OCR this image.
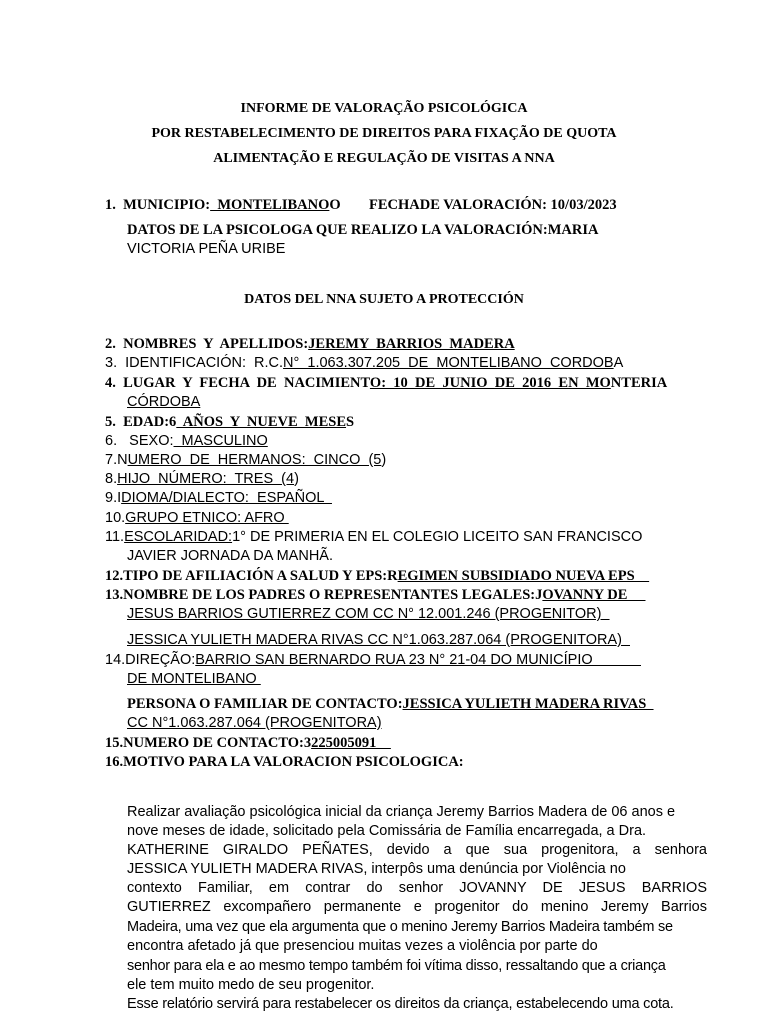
INFORME DE VALORAÇÃO PSICOLÓGICA
POR RESTABELECIMENTO DE DIREITOS PARA FIXAÇÃO DE QUOTA
ALIMENTAÇÃO E REGULAÇÃO DE VISITAS A NNA
1. MUNICIPIO:  MONTELIBANOO FECHADE VALORACIÓN: 10/03/2023
DATOS DE LA PSICOLOGA QUE REALIZO LA VALORACIÓN:MARIA
VICTORIA PEÑA URIBE
DATOS DEL NNA SUJETO A PROTECCIÓN
2.  NOMBRES  Y  APELLIDOS:JEREMY  BARRIOS  MADERA
3.  IDENTIFICACIÓN:  R.C.N°  1.063.307.205  DE  MONTELIBANO  CORDOBA
4.  LUGAR  Y  FECHA  DE  NACIMIENTO:  10  DE  JUNIO  DE  2016  EN  MONTERIA
CÓRDOBA
5.  EDAD:6  AÑOS  Y  NUEVE  MESES
6.   SEXO:  MASCULINO
7.NUMERO  DE  HERMANOS:  CINCO  (5)
8.HIJO  NÚMERO:  TRES  (4)
9.IDIOMA/DIALECTO:  ESPAÑOL
10.GRUPO ETNICO: AFRO
11.ESCOLARIDAD:1° DE PRIMERIA EN EL COLEGIO LICEITO SAN FRANCISCO
JAVIER JORNADA DA MANHÃ.
12.TIPO DE AFILIACIÓN A SALUD Y EPS:REGIMEN SUBSIDIADO NUEVA EPS
13.NOMBRE DE LOS PADRES O REPRESENTANTES LEGALES:JOVANNY DE
JESUS BARRIOS GUTIERREZ COM CC N° 12.001.246 (PROGENITOR)
JESSICA YULIETH MADERA RIVAS CC N°1.063.287.064 (PROGENITORA)
14.DIREÇÃO:BARRIO SAN BERNARDO RUA 23 N° 21-04 DO MUNICÍPIO
DE MONTELIBANO
PERSONA O FAMILIAR DE CONTACTO:JESSICA YULIETH MADERA RIVAS
CC N°1.063.287.064 (PROGENITORA)
15.NUMERO DE CONTACTO:3225005091
16.MOTIVO PARA LA VALORACION PSICOLOGICA:
Realizar avaliação psicológica inicial da criança Jeremy Barrios Madera de 06 anos e
nove meses de idade, solicitado pela Comissária de Família encarregada, a Dra.
KATHERINE GIRALDO PEÑATES, devido a que sua progenitora, a senhora
JESSICA YULIETH MADERA RIVAS, interpôs uma denúncia por Violência no
contexto Familiar, em contrar do senhor JOVANNY DE JESUS BARRIOS
GUTIERREZ excompañero permanente e progenitor do menino Jeremy Barrios
Madeira, uma vez que ela argumenta que o menino Jeremy Barrios Madeira também se
encontra afetado já que presenciou muitas vezes a violência por parte do
senhor para ela e ao mesmo tempo também foi vítima disso, ressaltando que a criança
ele tem muito medo de seu progenitor.
Esse relatório servirá para restabelecer os direitos da criança, estabelecendo uma cota.
